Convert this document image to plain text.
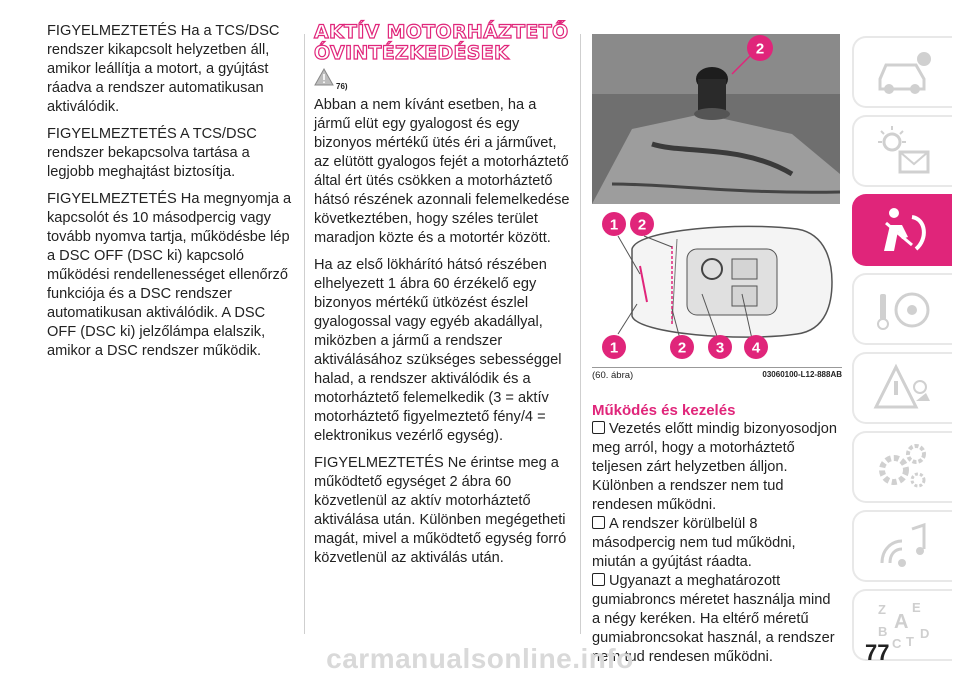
FIGYELMEZTETÉS Ha a TCS/DSC rendszer kikapcsolt helyzetben áll, amikor leállítja a motort, a gyújtást ráadva a rendszer automatikusan aktiválódik.

FIGYELMEZTETÉS A TCS/DSC rendszer bekapcsolva tartása a legjobb meghajtást biztosítja.

FIGYELMEZTETÉS Ha megnyomja a kapcsolót és 10 másodpercig vagy tovább nyomva tartja, működésbe lép a DSC OFF (DSC ki) kapcsoló működési rendellenességet ellenőrző funkciója és a DSC rendszer automatikusan aktiválódik. A DSC OFF (DSC ki) jelzőlámpa elalszik, amikor a DSC rendszer működik.

AKTÍV MOTORHÁZTETŐ
ÓVINTÉZKEDÉSEK
76)

Abban a nem kívánt esetben, ha a jármű elüt egy gyalogost és egy bizonyos mértékű ütés éri a járművet, az elütött gyalogos fejét a motorháztető által ért ütés csökken a motorháztető hátsó részének azonnali felemelkedése következtében, hogy széles terület maradjon közte és a motortér között.

Ha az első lökhárító hátsó részében elhelyezett 1 ábra 60 érzékelő egy bizonyos mértékű ütközést észlel gyalogossal vagy egyéb akadállyal, miközben a jármű a rendszer aktiválásához szükséges sebességgel halad, a rendszer aktiválódik és a motorháztető felemelkedik (3 = aktív motorháztető figyelmeztető fény/4 = elektronikus vezérlő egység).

FIGYELMEZTETÉS Ne érintse meg a működtető egységet 2 ábra 60 közvetlenül az aktív motorháztető aktiválása után. Különben megégetheti magát, mivel a működtető egység forró közvetlenül az aktiválás után.

2
1 2
1	2 3 4
(60. ábra)	03060100-L12-888AB
Működés és kezelés
Vezetés előtt mindig bizonyosodjon meg arról, hogy a motorháztető teljesen zárt helyzetben álljon. Különben a rendszer nem tud rendesen működni.
A rendszer körülbelül 8 másodpercig nem tud működni, miután a gyújtást ráadta.
Ugyanazt a meghatározott gumiabroncs méretet használja mind a négy keréken. Ha eltérő méretű gumiabroncsokat használ, a rendszer nem tud rendesen működni.
Z E
A
B
C T
D
77
carmanualsonline.info
